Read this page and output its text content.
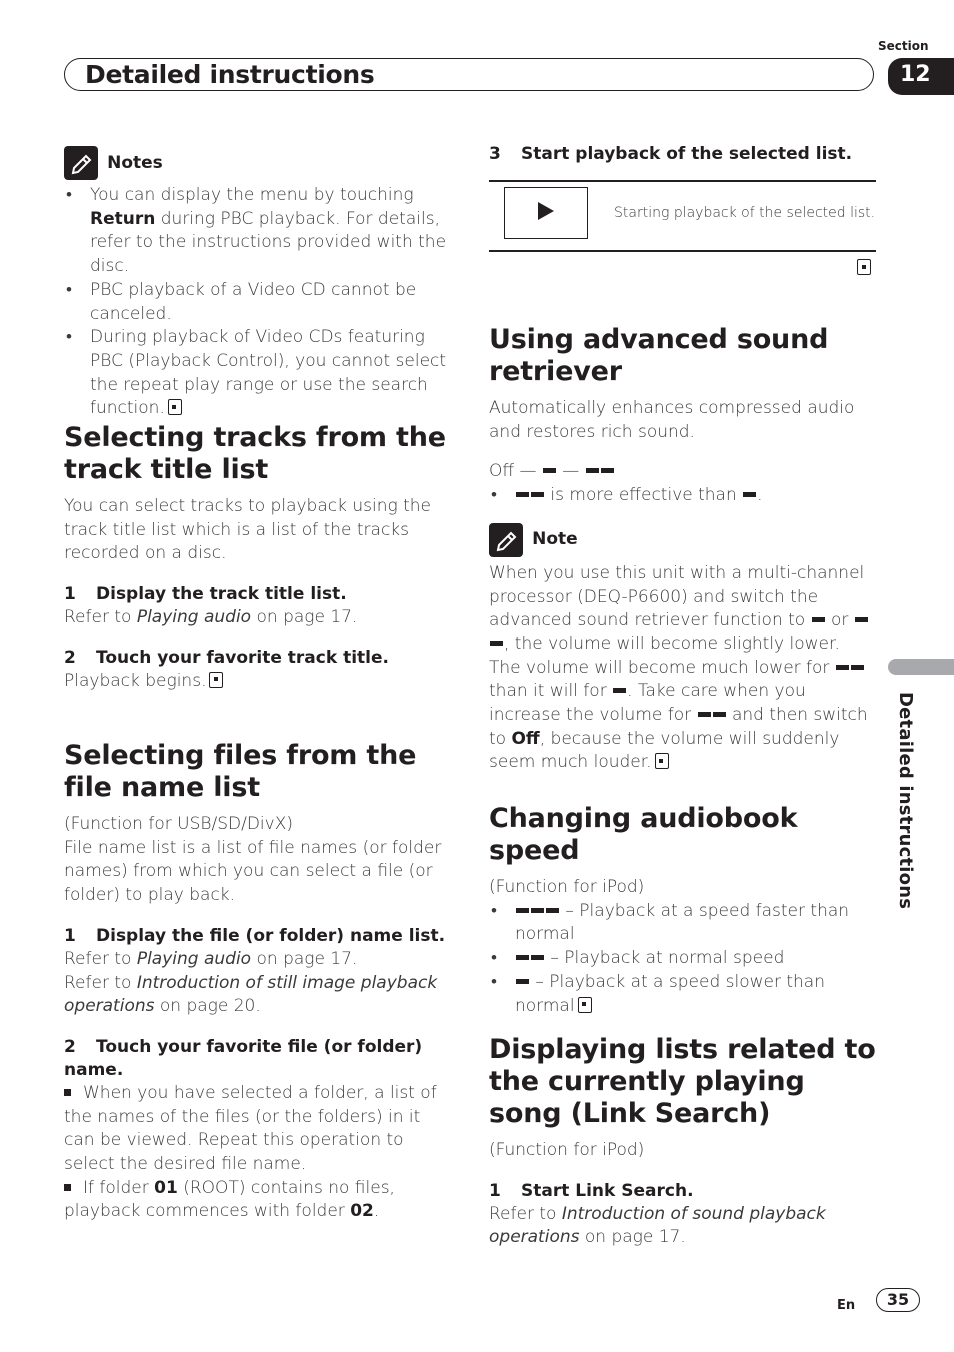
Section
Detailed instructions	12
Detailed instructions
Notes
• You can display the menu by touching Return during PBC playback. For details, refer to the instructions provided with the disc.
• PBC playback of a Video CD cannot be canceled.
• During playback of Video CDs featuring PBC (Playback Control), you cannot select the repeat play range or use the search function.
Selecting tracks from the track title list
You can select tracks to playback using the track title list which is a list of the tracks recorded on a disc.
1 Display the track title list.
Refer to Playing audio on page 17.
2 Touch your favorite track title.
Playback begins.
Selecting files from the file name list
(Function for USB/SD/DivX)
File name list is a list of file names (or folder names) from which you can select a file (or folder) to play back.
1 Display the file (or folder) name list.
Refer to Playing audio on page 17.
Refer to Introduction of still image playback operations on page 20.
2 Touch your favorite file (or folder) name.
When you have selected a folder, a list of the names of the files (or the folders) in it can be viewed. Repeat this operation to select the desired file name.
If folder 01 (ROOT) contains no files, playback commences with folder 02.
3 Start playback of the selected list.
Starting playback of the selected list.
Using advanced sound retriever
Automatically enhances compressed audio and restores rich sound.
Off —  —
• is more effective than .
Note
When you use this unit with a multi-channel processor (DEQ-P6600) and switch the advanced sound retriever function to or , the volume will become slightly lower. The volume will become much lower for  than it will for . Take care when you increase the volume for and then switch to Off, because the volume will suddenly seem much louder.
Changing audiobook speed
(Function for iPod)
• – Playback at a speed faster than normal
• – Playback at normal speed
• – Playback at a speed slower than normal
Displaying lists related to the currently playing song (Link Search)
(Function for iPod)
1 Start Link Search.
Refer to Introduction of sound playback operations on page 17.
En	35
